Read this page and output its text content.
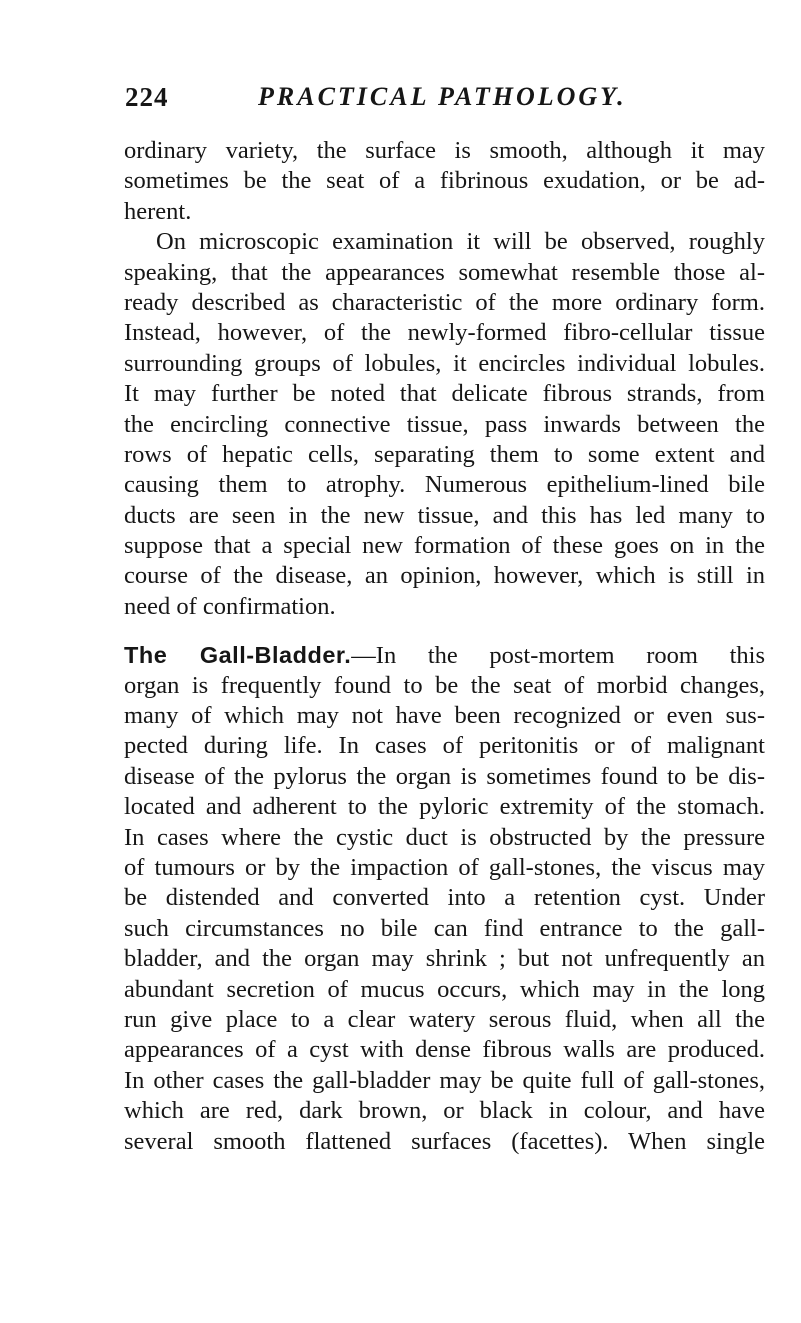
224	PRACTICAL PATHOLOGY.
ordinary variety, the surface is smooth, although it may
sometimes be the seat of a fibrinous exudation, or be ad-
herent.
On microscopic examination it will be observed, roughly
speaking, that the appearances somewhat resemble those al-
ready described as characteristic of the more ordinary form.
Instead, however, of the newly-formed fibro-cellular tissue
surrounding groups of lobules, it encircles individual lobules.
It may further be noted that delicate fibrous strands, from
the encircling connective tissue, pass inwards between the
rows of hepatic cells, separating them to some extent and
causing them to atrophy. Numerous epithelium-lined bile
ducts are seen in the new tissue, and this has led many to
suppose that a special new formation of these goes on in the
course of the disease, an opinion, however, which is still in
need of confirmation.
The Gall-Bladder.—In the post-mortem room this
organ is frequently found to be the seat of morbid changes,
many of which may not have been recognized or even sus-
pected during life. In cases of peritonitis or of malignant
disease of the pylorus the organ is sometimes found to be dis-
located and adherent to the pyloric extremity of the stomach.
In cases where the cystic duct is obstructed by the pressure
of tumours or by the impaction of gall-stones, the viscus may
be distended and converted into a retention cyst. Under
such circumstances no bile can find entrance to the gall-
bladder, and the organ may shrink ; but not unfrequently an
abundant secretion of mucus occurs, which may in the long
run give place to a clear watery serous fluid, when all the
appearances of a cyst with dense fibrous walls are produced.
In other cases the gall-bladder may be quite full of gall-stones,
which are red, dark brown, or black in colour, and have
several smooth flattened surfaces (facettes). When single
